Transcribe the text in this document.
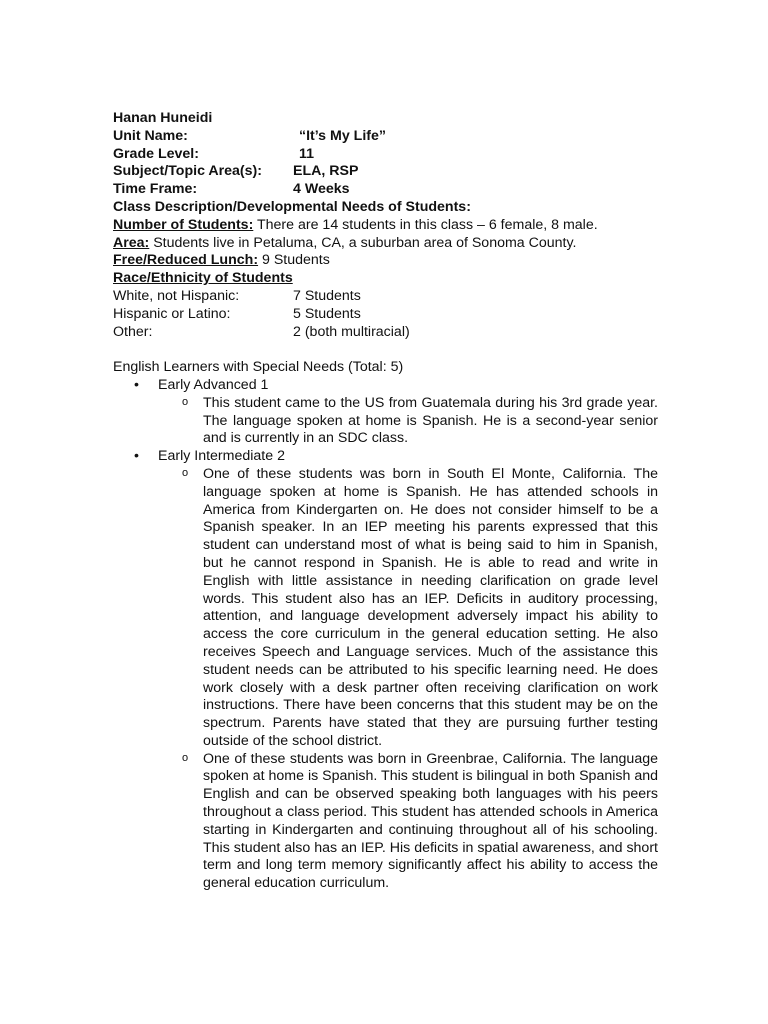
Hanan Huneidi
Unit Name:	“It’s My Life”
Grade Level:	11
Subject/Topic Area(s):	ELA, RSP
Time Frame:	4 Weeks
Class Description/Developmental Needs of Students:
Number of Students: There are 14 students in this class – 6 female, 8 male.
Area: Students live in Petaluma, CA, a suburban area of Sonoma County.
Free/Reduced Lunch: 9 Students
Race/Ethnicity of Students
White, not Hispanic:	7 Students
Hispanic or Latino:	5 Students
Other:	2 (both multiracial)
English Learners with Special Needs (Total: 5)
• Early Advanced 1
o This student came to the US from Guatemala during his 3rd grade year. The language spoken at home is Spanish. He is a second-year senior and is currently in an SDC class.
• Early Intermediate 2
o One of these students was born in South El Monte, California. The language spoken at home is Spanish. He has attended schools in America from Kindergarten on. He does not consider himself to be a Spanish speaker. In an IEP meeting his parents expressed that this student can understand most of what is being said to him in Spanish, but he cannot respond in Spanish. He is able to read and write in English with little assistance in needing clarification on grade level words. This student also has an IEP. Deficits in auditory processing, attention, and language development adversely impact his ability to access the core curriculum in the general education setting. He also receives Speech and Language services. Much of the assistance this student needs can be attributed to his specific learning need. He does work closely with a desk partner often receiving clarification on work instructions. There have been concerns that this student may be on the spectrum. Parents have stated that they are pursuing further testing outside of the school district.
o One of these students was born in Greenbrae, California. The language spoken at home is Spanish. This student is bilingual in both Spanish and English and can be observed speaking both languages with his peers throughout a class period. This student has attended schools in America starting in Kindergarten and continuing throughout all of his schooling. This student also has an IEP. His deficits in spatial awareness, and short term and long term memory significantly affect his ability to access the general education curriculum.
